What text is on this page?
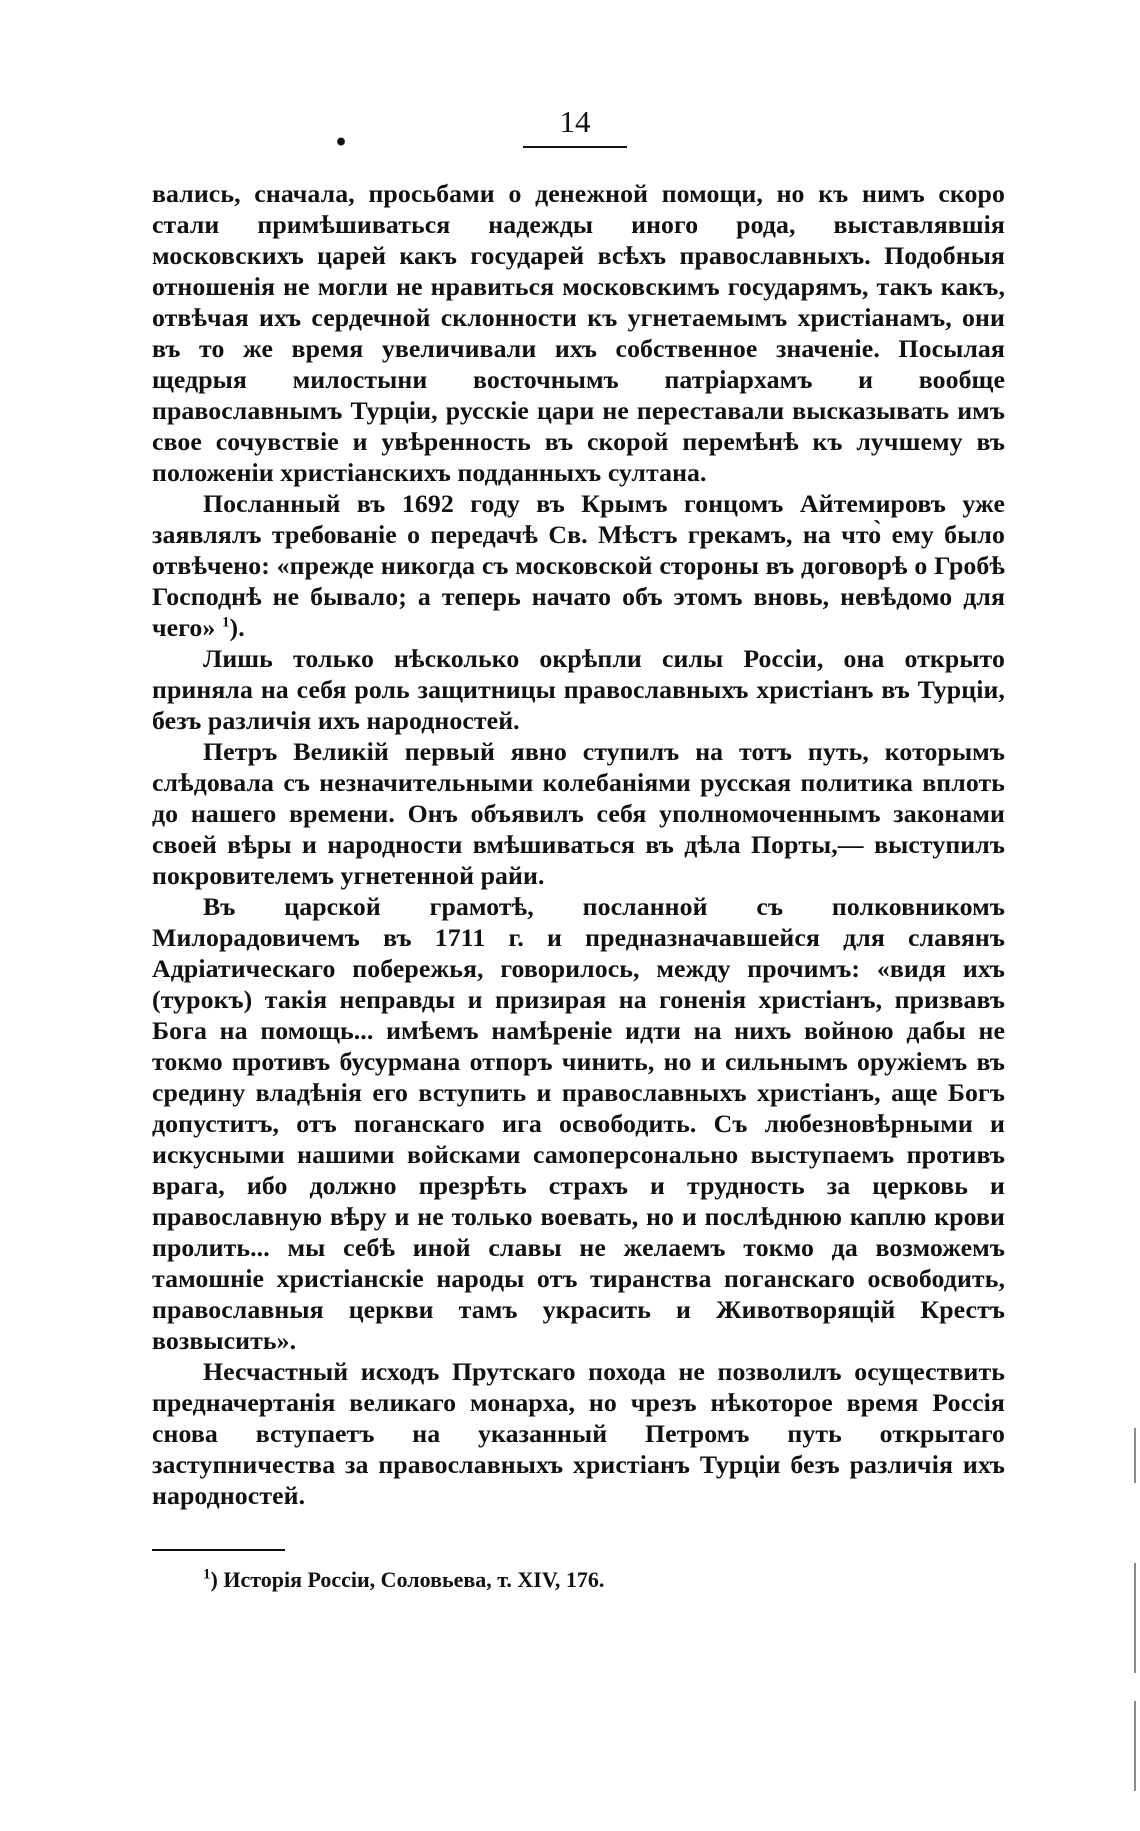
•
14

вались, сначала, просьбами о денежной помощи, но къ нимъ скоро стали примѣшиваться надежды иного рода, выставлявшія московскихъ царей какъ государей всѣхъ православныхъ. Подобныя отношенія не могли не нравиться московскимъ государямъ, такъ какъ, отвѣчая ихъ сердечной склонности къ угнетаемымъ христіанамъ, они въ то же время увеличивали ихъ собственное значеніе. Посылая щедрыя милостыни восточнымъ патріархамъ и вообще православнымъ Турціи, русскіе цари не переставали высказывать имъ свое сочувствіе и увѣренность въ скорой перемѣнѣ къ лучшему въ положеніи христіанскихъ подданныхъ султана.

Посланный въ 1692 году въ Крымъ гонцомъ Айтемировъ уже заявлялъ требованіе о передачѣ Св. Мѣстъ грекамъ, на что̀ ему было отвѣчено: «прежде никогда съ московской стороны въ договорѣ о Гробѣ Господнѣ не бывало; а теперь начато объ этомъ вновь, невѣдомо для чего» $^1$).

Лишь только нѣсколько окрѣпли силы Россіи, она открыто приняла на себя роль защитницы православныхъ христіанъ въ Турціи, безъ различія ихъ народностей.

Петръ Великій первый явно ступилъ на тотъ путь, которымъ слѣдовала съ незначительными колебаніями русская политика вплоть до нашего времени. Онъ объявилъ себя уполномоченнымъ законами своей вѣры и народности вмѣшиваться въ дѣла Порты,— выступилъ покровителемъ угнетенной райи.

Въ царской грамотѣ, посланной съ полковникомъ Милорадовичемъ въ 1711 г. и предназначавшейся для славянъ Адріатическаго побережья, говорилось, между прочимъ: «видя ихъ (турокъ) такія неправды и призирая на гоненія христіанъ, призвавъ Бога на помощь... имѣемъ намѣреніе идти на нихъ войною дабы не токмо противъ бусурмана отпоръ чинить, но и сильнымъ оружіемъ въ средину владѣнія его вступить и православныхъ христіанъ, аще Богъ допуститъ, отъ поганскаго ига освободить. Съ любезновѣрными и искусными нашими войсками самоперсонально выступаемъ противъ врага, ибо должно презрѣть страхъ и трудность за церковь и православную вѣру и не только воевать, но и послѣднюю каплю крови пролить... мы себѣ иной славы не желаемъ токмо да возможемъ тамошніе христіанскіе народы отъ тиранства поганскаго освободить, православныя церкви тамъ украсить и Животворящій Крестъ возвысить».

Несчастный исходъ Прутскаго похода не позволилъ осуществить предначертанія великаго монарха, но чрезъ нѣкоторое время Россія снова вступаетъ на указанный Петромъ путь открытаго заступничества за православныхъ христіанъ Турціи безъ различія ихъ народностей.

$^1$) Исторія Россіи, Соловьева, т. XIV, 176.
